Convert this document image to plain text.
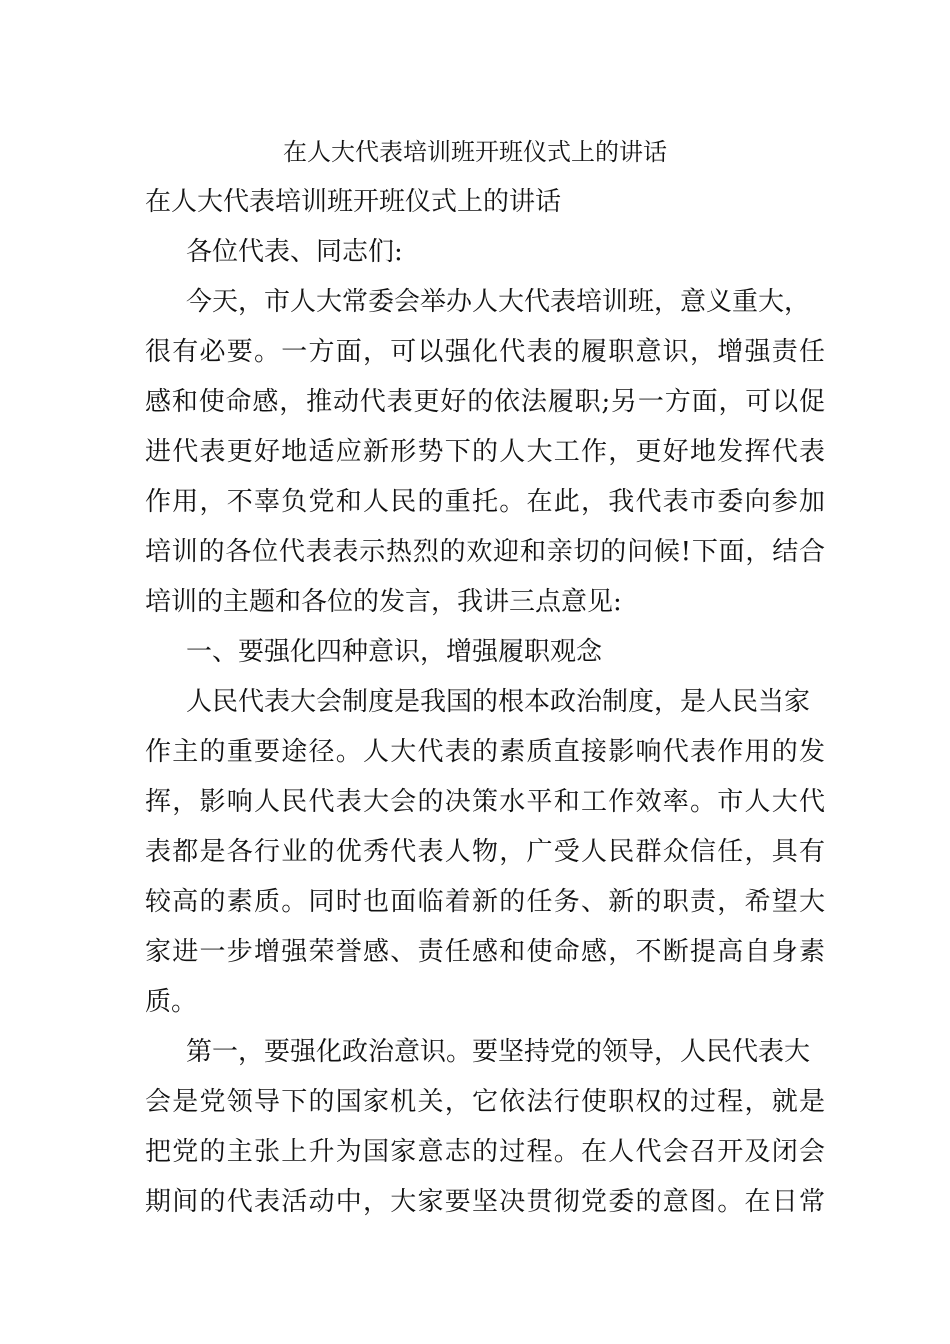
在人大代表培训班开班仪式上的讲话
在人大代表培训班开班仪式上的讲话
各位代表、同志们:
今天，市人大常委会举办人大代表培训班，意义重大，
很有必要。一方面，可以强化代表的履职意识，增强责任
感和使命感，推动代表更好的依法履职;另一方面，可以促
进代表更好地适应新形势下的人大工作，更好地发挥代表
作用，不辜负党和人民的重托。在此，我代表市委向参加
培训的各位代表表示热烈的欢迎和亲切的问候!下面，结合
培训的主题和各位的发言，我讲三点意见:
一、要强化四种意识，增强履职观念
人民代表大会制度是我国的根本政治制度，是人民当家
作主的重要途径。人大代表的素质直接影响代表作用的发
挥，影响人民代表大会的决策水平和工作效率。市人大代
表都是各行业的优秀代表人物，广受人民群众信任，具有
较高的素质。同时也面临着新的任务、新的职责，希望大
家进一步增强荣誉感、责任感和使命感，不断提高自身素
质。
第一，要强化政治意识。要坚持党的领导，人民代表大
会是党领导下的国家机关，它依法行使职权的过程，就是
把党的主张上升为国家意志的过程。在人代会召开及闭会
期间的代表活动中，大家要坚决贯彻党委的意图。在日常
